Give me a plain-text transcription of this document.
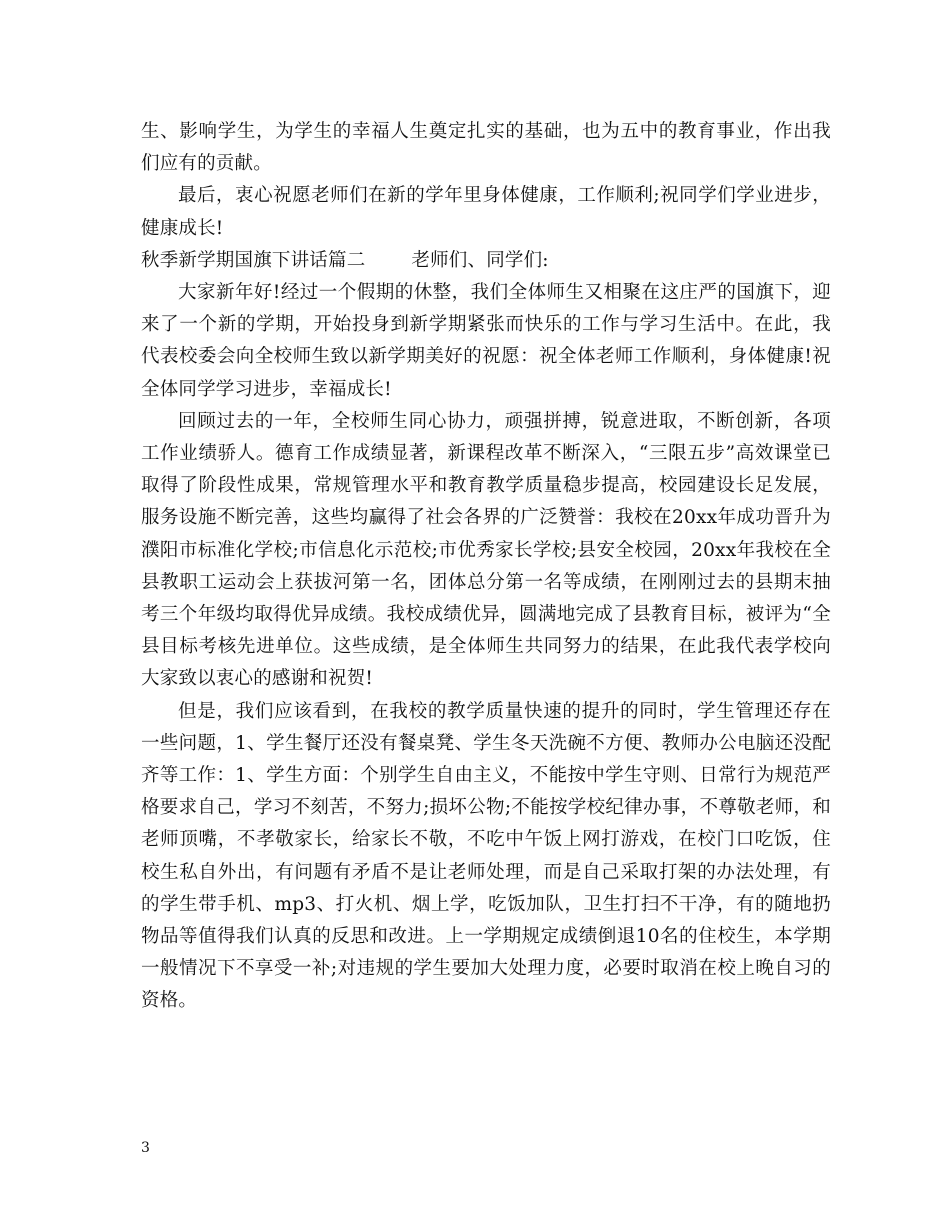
生、影响学生，为学生的幸福人生奠定扎实的基础，也为五中的教育事业，作出我们应有的贡献。

最后，衷心祝愿老师们在新的学年里身体健康，工作顺利;祝同学们学业进步，健康成长!

秋季新学期国旗下讲话篇二 老师们、同学们:

大家新年好!经过一个假期的休整，我们全体师生又相聚在这庄严的国旗下，迎来了一个新的学期，开始投身到新学期紧张而快乐的工作与学习生活中。在此，我代表校委会向全校师生致以新学期美好的祝愿：祝全体老师工作顺利，身体健康!祝全体同学学习进步，幸福成长!

回顾过去的一年，全校师生同心协力，顽强拼搏，锐意进取，不断创新，各项工作业绩骄人。德育工作成绩显著，新课程改革不断深入，“三限五步”高效课堂已取得了阶段性成果，常规管理水平和教育教学质量稳步提高，校园建设长足发展，服务设施不断完善，这些均赢得了社会各界的广泛赞誉：我校在20xx年成功晋升为濮阳市标准化学校;市信息化示范校;市优秀家长学校;县安全校园，20xx年我校在全县教职工运动会上获拔河第一名，团体总分第一名等成绩，在刚刚过去的县期末抽考三个年级均取得优异成绩。我校成绩优异，圆满地完成了县教育目标，被评为“全县目标考核先进单位。这些成绩，是全体师生共同努力的结果，在此我代表学校向大家致以衷心的感谢和祝贺!

但是，我们应该看到，在我校的教学质量快速的提升的同时，学生管理还存在一些问题，1、学生餐厅还没有餐桌凳、学生冬天洗碗不方便、教师办公电脑还没配齐等工作：1、学生方面：个别学生自由主义，不能按中学生守则、日常行为规范严格要求自己，学习不刻苦，不努力;损坏公物;不能按学校纪律办事，不尊敬老师，和老师顶嘴，不孝敬家长，给家长不敬，不吃中午饭上网打游戏，在校门口吃饭，住校生私自外出，有问题有矛盾不是让老师处理，而是自己采取打架的办法处理，有的学生带手机、mp3、打火机、烟上学，吃饭加队，卫生打扫不干净，有的随地扔物品等值得我们认真的反思和改进。上一学期规定成绩倒退10名的住校生，本学期一般情况下不享受一补;对违规的学生要加大处理力度，必要时取消在校上晚自习的资格。

3
